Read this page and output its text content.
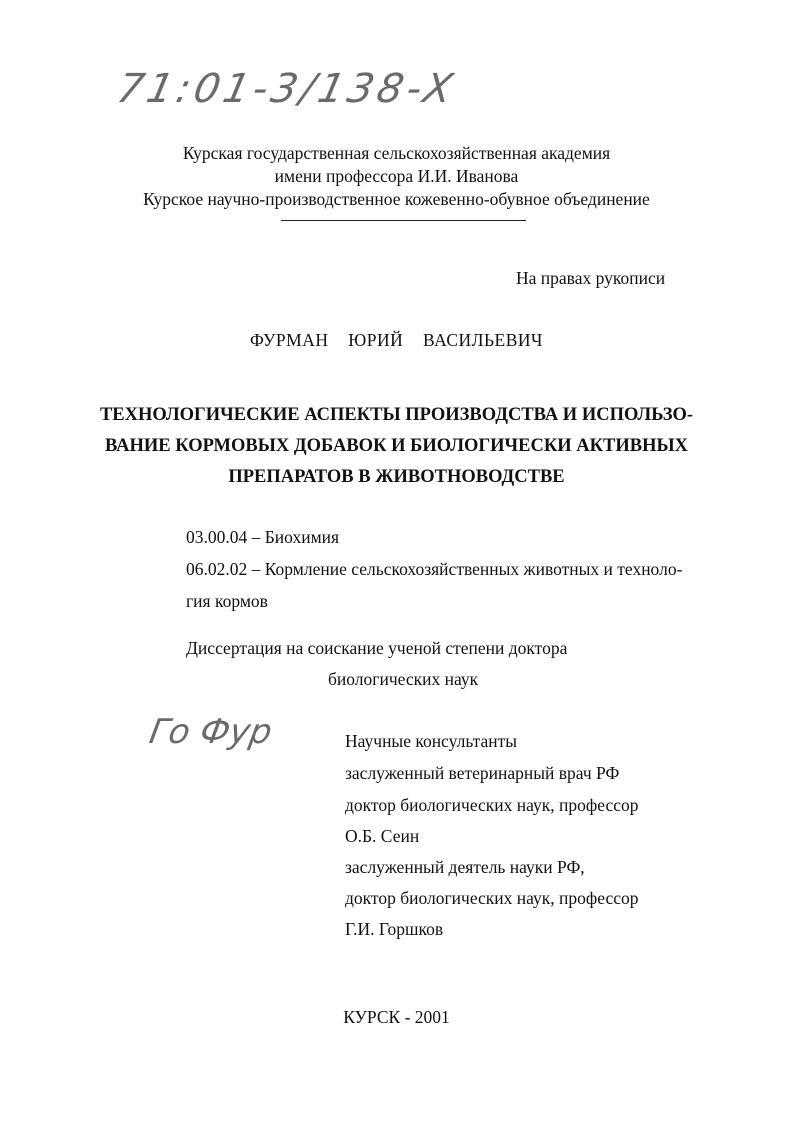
71:01-3/138-X
Курская государственная сельскохозяйственная академия
имени профессора И.И. Иванова
Курское научно-производственное кожевенно-обувное объединение
На правах рукописи
ФУРМАН  ЮРИЙ  ВАСИЛЬЕВИЧ
ТЕХНОЛОГИЧЕСКИЕ АСПЕКТЫ ПРОИЗВОДСТВА И ИСПОЛЬЗО-
ВАНИЕ КОРМОВЫХ ДОБАВОК И БИОЛОГИЧЕСКИ АКТИВНЫХ
ПРЕПАРАТОВ В ЖИВОТНОВОДСТВЕ
03.00.04 – Биохимия
06.02.02 – Кормление сельскохозяйственных животных и техноло-
гия кормов
Диссертация на соискание ученой степени доктора
биологических наук
Го Фур	Научные консультанты
заслуженный ветеринарный врач РФ
доктор биологических наук, профессор
О.Б. Сеин
заслуженный деятель науки РФ,
доктор биологических наук, профессор
Г.И. Горшков
КУРСК - 2001
